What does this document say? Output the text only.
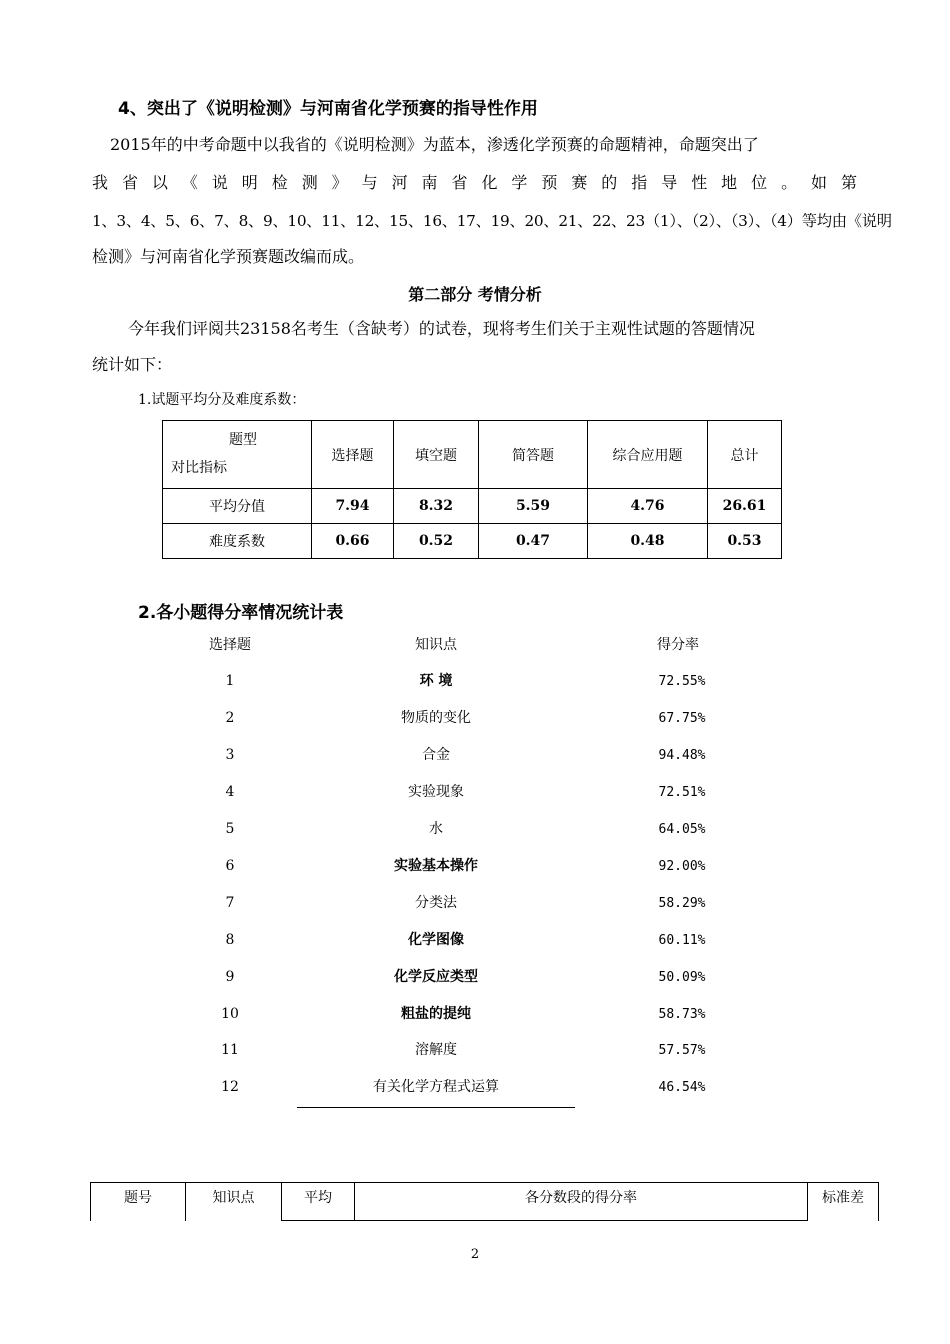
4、突出了《说明检测》与河南省化学预赛的指导性作用
2015年的中考命题中以我省的《说明检测》为蓝本，渗透化学预赛的命题精神，命题突出了
我省以《说明检测》与河南省化学预赛的指导性地位。如第
1、3、4、5、6、7、8、9、10、11、12、15、16、17、19、20、21、22、23（1）、（2）、（3）、（4）等均由《说明
检测》与河南省化学预赛题改编而成。
第二部分 考情分析
今年我们评阅共23158名考生（含缺考）的试卷，现将考生们关于主观性试题的答题情况
统计如下：
1.试题平均分及难度系数：
题型
对比指标	选择题	填空题	简答题	综合应用题	总计
平均分值	7.94	8.32	5.59	4.76	26.61
难度系数	0.66	0.52	0.47	0.48	0.53
2.各小题得分率情况统计表
选择题	知识点	得分率
1	环 境	72.55%
2	物质的变化	67.75%
3	合金	94.48%
4	实验现象	72.51%
5	水	64.05%
6	实验基本操作	92.00%
7	分类法	58.29%
8	化学图像	60.11%
9	化学反应类型	50.09%
10	粗盐的提纯	58.73%
11	溶解度	57.57%
12	有关化学方程式运算	46.54%
题号	知识点	平均	各分数段的得分率	标准差
2
